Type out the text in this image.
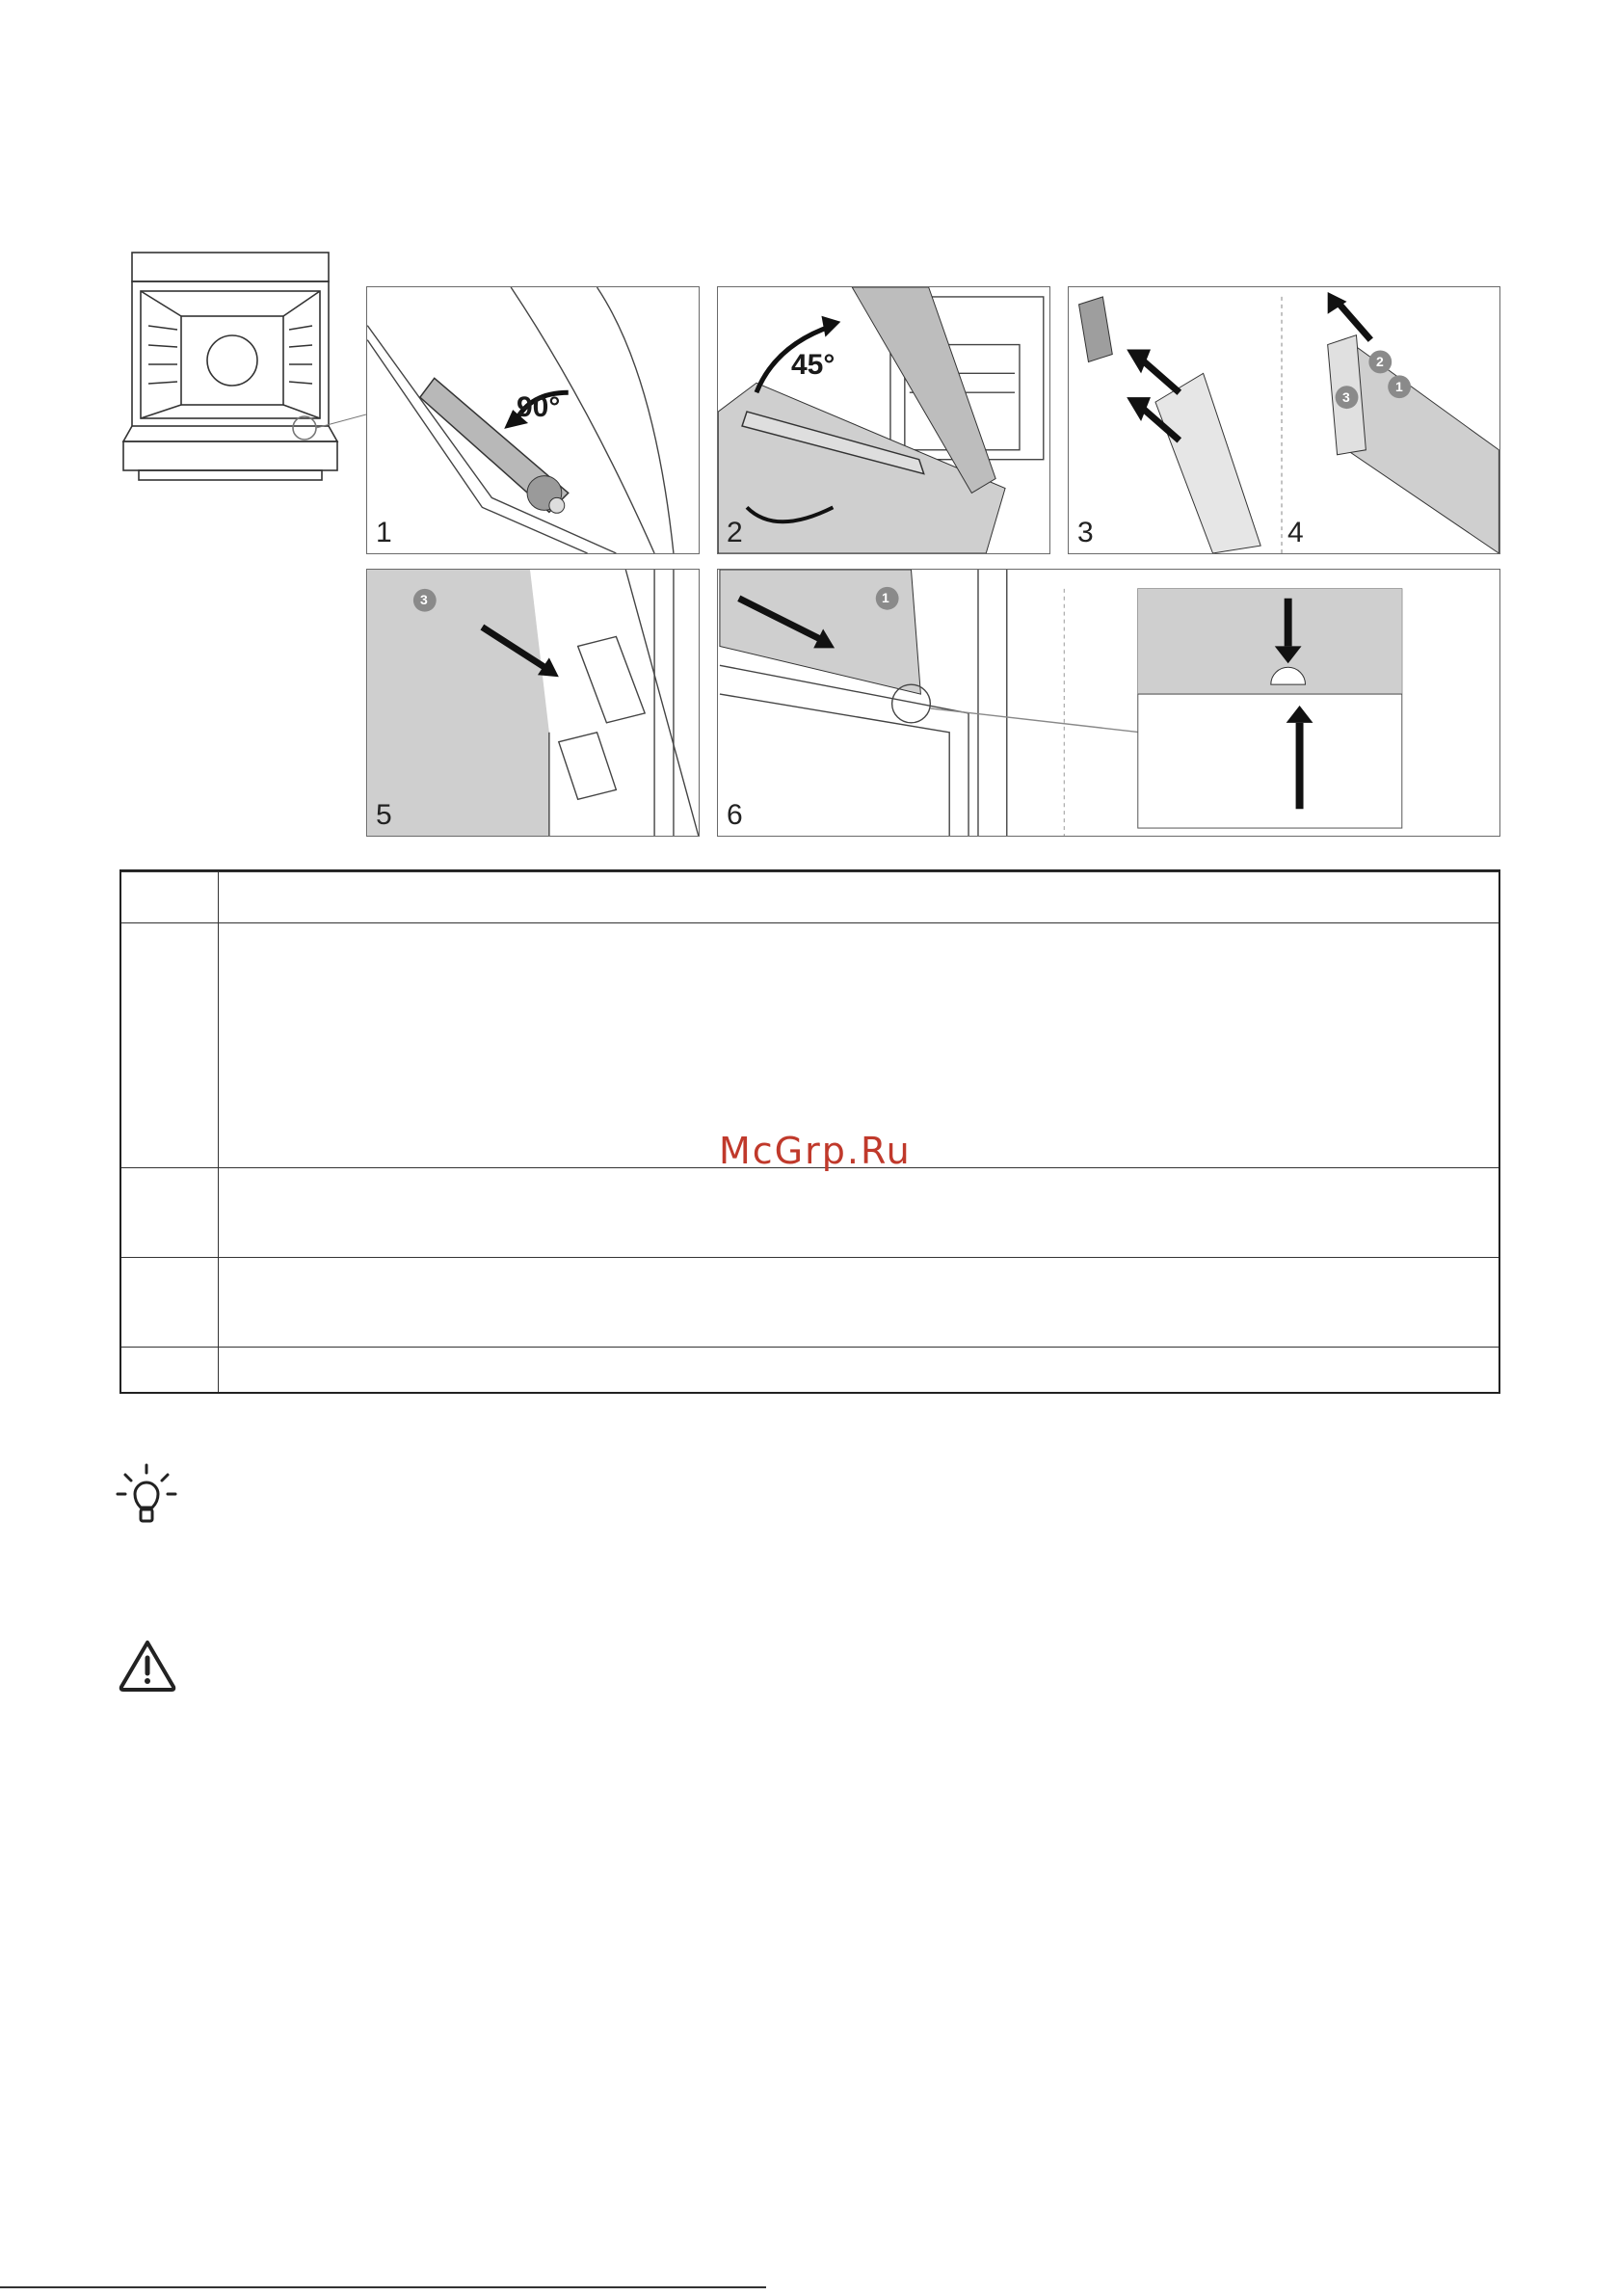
90°
1
45°
2
1
2
3
3	4
3
5
1
6
McGrp.Ru
